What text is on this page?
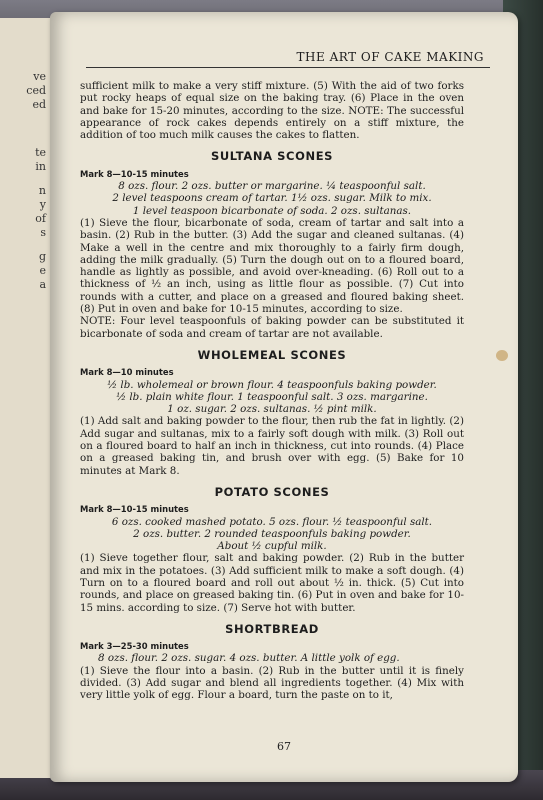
ve
ced
ed
te
in
n
y
of
s
g
e
a
THE ART OF CAKE MAKING
67

sufficient milk to make a very stiff mixture. (5) With the aid of two forks put rocky heaps of equal size on the baking tray. (6) Place in the oven and bake for 15-20 minutes, according to the size. NOTE: The successful appearance of rock cakes depends entirely on a stiff mixture, the addition of too much milk causes the cakes to flatten.

SULTANA SCONES
Mark 8—10-15 minutes
8 ozs. flour. 2 ozs. butter or margarine. ¼ teaspoonful salt.
2 level teaspoons cream of tartar. 1½ ozs. sugar. Milk to mix.
1 level teaspoon bicarbonate of soda. 2 ozs. sultanas.

(1) Sieve the flour, bicarbonate of soda, cream of tartar and salt into a basin. (2) Rub in the butter. (3) Add the sugar and cleaned sultanas. (4) Make a well in the centre and mix thoroughly to a fairly firm dough, adding the milk gradually. (5) Turn the dough out on to a floured board, handle as lightly as possible, and avoid over-kneading. (6) Roll out to a thickness of ½ an inch, using as little flour as possible. (7) Cut into rounds with a cutter, and place on a greased and floured baking sheet. (8) Put in oven and bake for 10-15 minutes, according to size.

NOTE: Four level teaspoonfuls of baking powder can be substituted it bicarbonate of soda and cream of tartar are not available.

WHOLEMEAL SCONES
Mark 8—10 minutes
½ lb. wholemeal or brown flour. 4 teaspoonfuls baking powder.
½ lb. plain white flour. 1 teaspoonful salt. 3 ozs. margarine.
1 oz. sugar. 2 ozs. sultanas. ½ pint milk.

(1) Add salt and baking powder to the flour, then rub the fat in lightly. (2) Add sugar and sultanas, mix to a fairly soft dough with milk. (3) Roll out on a floured board to half an inch in thickness, cut into rounds. (4) Place on a greased baking tin, and brush over with egg. (5) Bake for 10 minutes at Mark 8.

POTATO SCONES
Mark 8—10-15 minutes
6 ozs. cooked mashed potato. 5 ozs. flour. ½ teaspoonful salt.
2 ozs. butter. 2 rounded teaspoonfuls baking powder.
About ½ cupful milk.

(1) Sieve together flour, salt and baking powder. (2) Rub in the butter and mix in the potatoes. (3) Add sufficient milk to make a soft dough. (4) Turn on to a floured board and roll out about ½ in. thick. (5) Cut into rounds, and place on greased baking tin. (6) Put in oven and bake for 10-15 mins. according to size. (7) Serve hot with butter.

SHORTBREAD
Mark 3—25-30 minutes
8 ozs. flour. 2 ozs. sugar. 4 ozs. butter. A little yolk of egg.

(1) Sieve the flour into a basin. (2) Rub in the butter until it is finely divided. (3) Add sugar and blend all ingredients together. (4) Mix with very little yolk of egg. Flour a board, turn the paste on to it,
